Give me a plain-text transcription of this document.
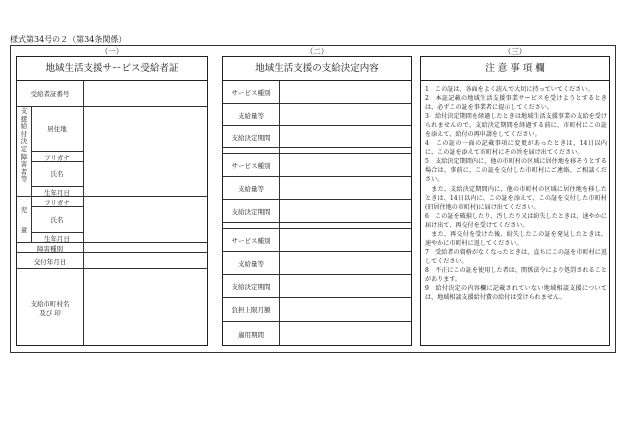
様式第34号の２（第34条関係）
（一）	（二）	（三）
地域生活支援サービス受給者証
受給者証番号
支援給付決定障害者等
居住地
フリガナ
氏名
生年月日
児童
フリガナ
氏名
生年月日
障害種別
交付年月日
支給市町村名
及び 印
地域生活支援の支給決定内容
サービス種別
支給量等
支給決定期間
サービス種別
支給量等
支給決定期間
サービス種別
支給量等
支給決定期間
負担上限月額
適用期間
注 意 事 項 欄

1　この証は、各面をよく読んで大切に持っていてください。

2　本証記載の地域生活支援事業サービスを受けようとするときは、必ずこの証を事業者に提示してください。

3　給付決定期間を経過したときは地域生活支援事業の支給を受けられませんので、支給決定期間を経過する前に、市町村にこの証を添えて、給付の再申請をしてください。

4　この証の一面の記載事項に変更があったときは、14日以内に、この証を添えて市町村にその旨を届け出てください。

5　支給決定期間内に、他の市町村の区域に居住地を移そうとする場合は、事前に、この証を交付した市町村にご連絡、ご相談ください。

　また、支給決定期間内に、他の市町村の区域に居住地を移したときは、14日以内に、この証を添えて、この証を交付した市町村(旧居住地の市町村)に届け出てください。

6　この証を破損したり、汚したり又は紛失したときは、速やかに届け出て、再交付を受けてください。

　また、再交付を受けた後、紛失したこの証を発見したときは、速やかに市町村に返してください。

7　受給者の資格がなくなったときは、直ちにこの証を市町村に返してください。

8　不正にこの証を使用した者は、関係法令により処罰されることがあります。

9　給付決定の内容欄に記載されていない地域相談支援については、地域相談支援給付費の給付は受けられません。
